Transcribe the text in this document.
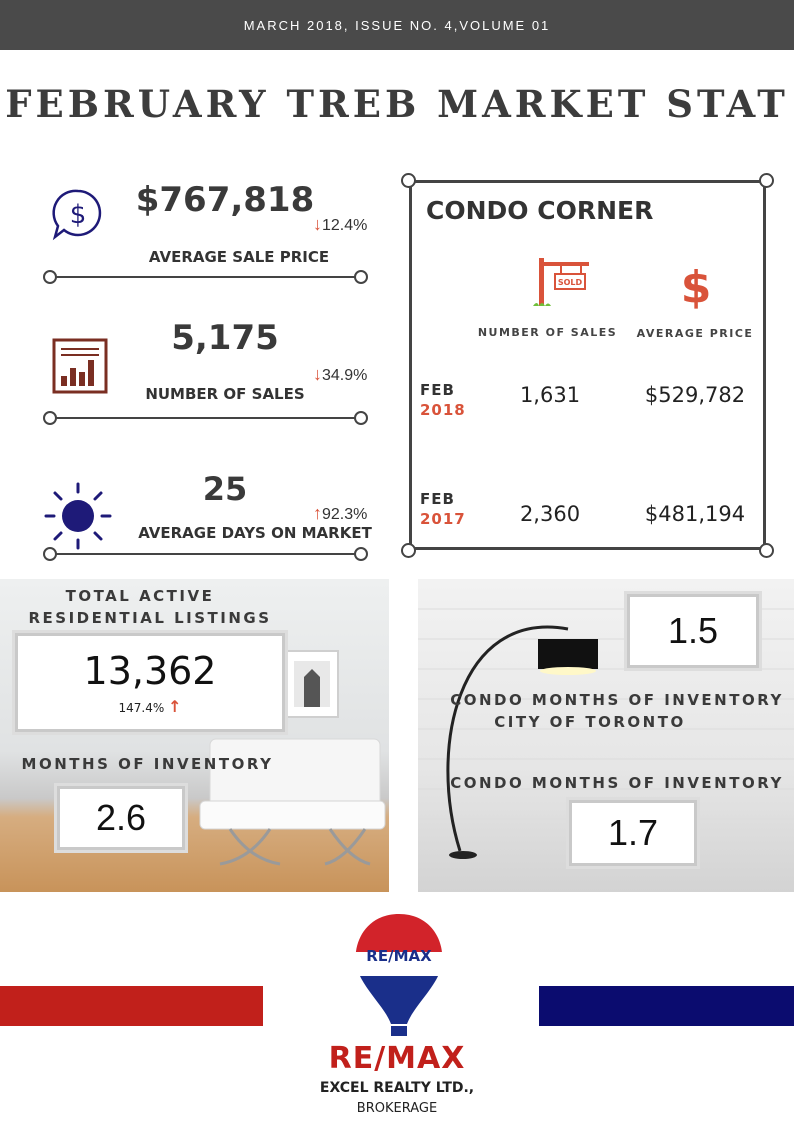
MARCH 2018, ISSUE NO. 4,VOLUME 01
FEBRUARY TREB MARKET STAT
$	$767,818
↓12.4%
AVERAGE SALE PRICE
5,175
↓34.9%
NUMBER OF SALES
25
↑92.3%
AVERAGE DAYS ON MARKET
CONDO CORNER
SOLD $
NUMBER OF SALES	AVERAGE PRICE
FEB
2018
1,631	$529,782
FEB
2017	2,360	$481,194
TOTAL ACTIVE
RESIDENTIAL LISTINGS
13,362
147.4% ↑
MONTHS OF INVENTORY
2.6
1.5
CONDO MONTHS OF INVENTORY
CITY OF TORONTO
CONDO MONTHS OF INVENTORY
1.7
RE/MAX
RE/MAX
EXCEL REALTY LTD.,
BROKERAGE
